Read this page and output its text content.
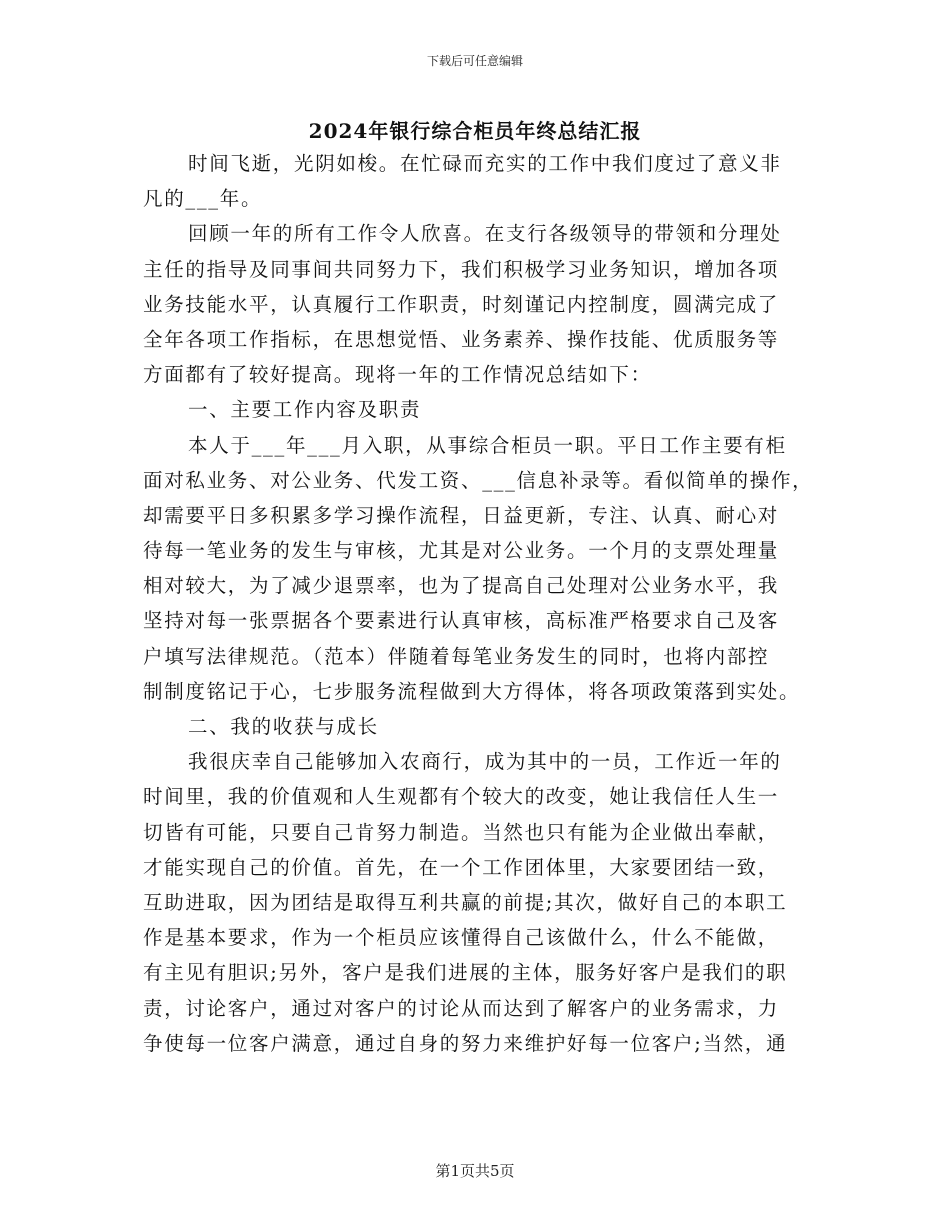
下载后可任意编辑
2024年银行综合柜员年终总结汇报

时间飞逝，光阴如梭。在忙碌而充实的工作中我们度过了意义非
凡的___年。

回顾一年的所有工作令人欣喜。在支行各级领导的带领和分理处
主任的指导及同事间共同努力下，我们积极学习业务知识，增加各项
业务技能水平，认真履行工作职责，时刻谨记内控制度，圆满完成了
全年各项工作指标，在思想觉悟、业务素养、操作技能、优质服务等
方面都有了较好提高。现将一年的工作情况总结如下：

一、主要工作内容及职责

本人于___年___月入职，从事综合柜员一职。平日工作主要有柜
面对私业务、对公业务、代发工资、___信息补录等。看似简单的操作，
却需要平日多积累多学习操作流程，日益更新，专注、认真、耐心对
待每一笔业务的发生与审核，尤其是对公业务。一个月的支票处理量
相对较大，为了减少退票率，也为了提高自己处理对公业务水平，我
坚持对每一张票据各个要素进行认真审核，高标准严格要求自己及客
户填写法律规范。（范本）伴随着每笔业务发生的同时，也将内部控
制制度铭记于心，七步服务流程做到大方得体，将各项政策落到实处。

二、我的收获与成长

我很庆幸自己能够加入农商行，成为其中的一员，工作近一年的
时间里，我的价值观和人生观都有个较大的改变，她让我信任人生一
切皆有可能，只要自己肯努力制造。当然也只有能为企业做出奉献，
才能实现自己的价值。首先，在一个工作团体里，大家要团结一致，
互助进取，因为团结是取得互利共赢的前提;其次，做好自己的本职工
作是基本要求，作为一个柜员应该懂得自己该做什么，什么不能做，
有主见有胆识;另外，客户是我们进展的主体，服务好客户是我们的职
责，讨论客户，通过对客户的讨论从而达到了解客户的业务需求，力
争使每一位客户满意，通过自身的努力来维护好每一位客户;当然，通

第1页共5页
